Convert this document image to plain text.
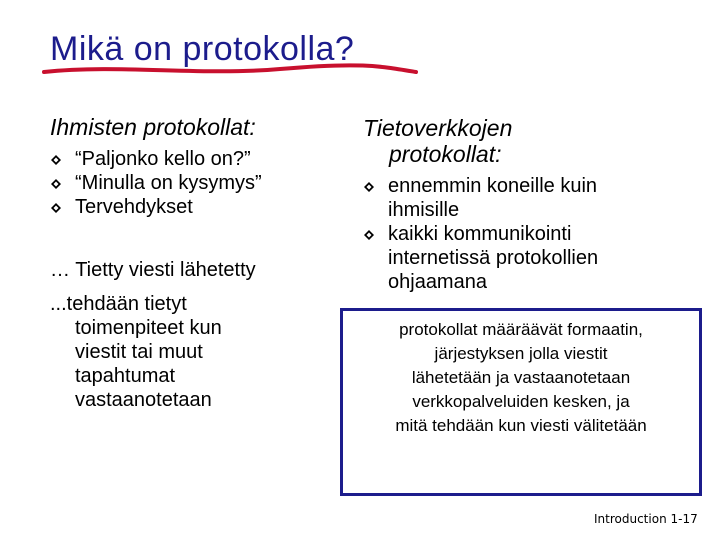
Mikä on protokolla?
Ihmisten protokollat:
“Paljonko kello on?”
“Minulla on kysymys”
Tervehdykset
… Tietty viesti lähetetty
...tehdään tietyt
toimenpiteet kun
viestit tai muut
tapahtumat
vastaanotetaan
Tietoverkkojen
protokollat:
ennemmin koneille kuin
ihmisille
kaikki kommunikointi
internetissä protokollien
ohjaamana
protokollat määräävät formaatin,
järjestyksen jolla viestit
lähetetään ja vastaanotetaan
verkkopalveluiden kesken, ja
mitä tehdään kun viesti välitetään
Introduction 1-17
